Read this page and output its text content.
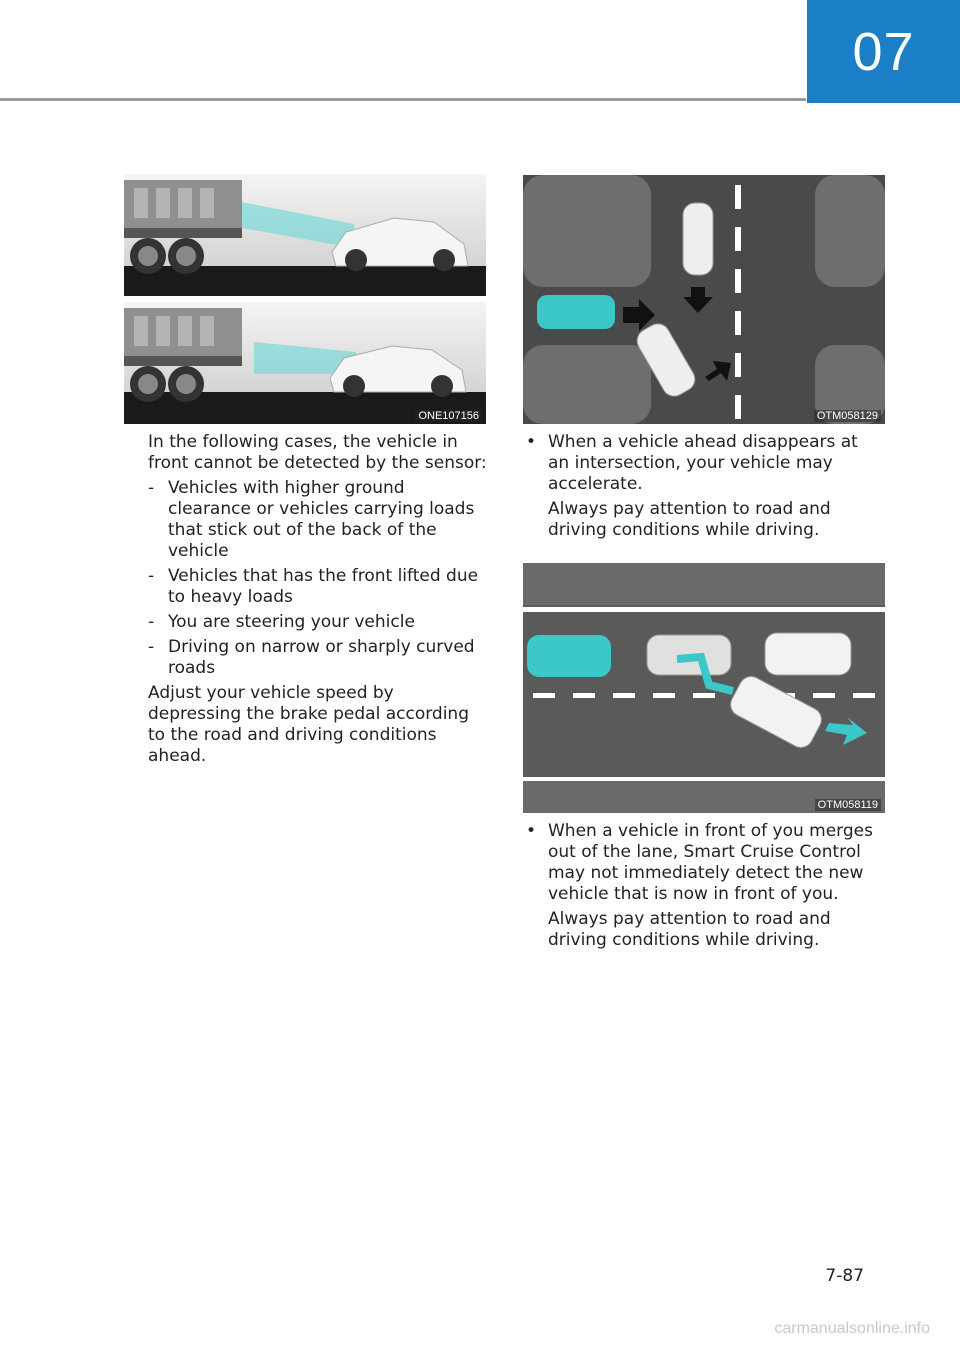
07
ONE107156	OTM058129
OTM058119

In the following cases, the vehicle in front cannot be detected by the sensor:

- Vehicles with higher ground clearance or vehicles carrying loads that stick out of the back of the vehicle
- Vehicles that has the front lifted due to heavy loads
- You are steering your vehicle
- Driving on narrow or sharply curved roads

Adjust your vehicle speed by depressing the brake pedal according to the road and driving conditions ahead.

• When a vehicle ahead disappears at an intersection, your vehicle may accelerate.

Always pay attention to road and driving conditions while driving.

• When a vehicle in front of you merges out of the lane, Smart Cruise Control may not immediately detect the new vehicle that is now in front of you.

Always pay attention to road and driving conditions while driving.

7-87
carmanualsonline.info
